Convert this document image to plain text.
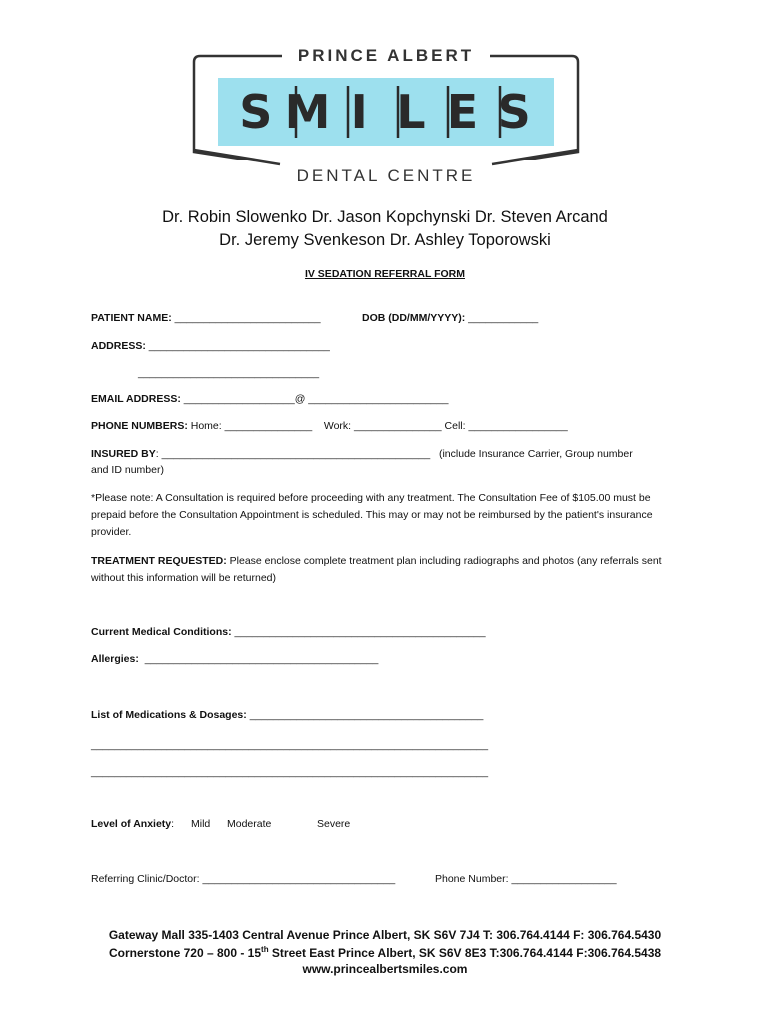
PRINCE ALBERT
S M I L E S
DENTAL CENTRE
Dr. Robin Slowenko Dr. Jason Kopchynski Dr. Steven Arcand
Dr. Jeremy Svenkeson Dr. Ashley Toporowski
IV SEDATION REFERRAL FORM
PATIENT NAME: _________________________	DOB (DD/MM/YYYY): ____________
ADDRESS: _______________________________
_______________________________
EMAIL ADDRESS: ___________________@ ________________________
PHONE NUMBERS: Home: _______________    Work: _______________ Cell: _________________
INSURED BY: ______________________________________________   (include Insurance Carrier, Group number
and ID number)
*Please note: A Consultation is required before proceeding with any treatment. The Consultation Fee of $105.00 must be prepaid before the Consultation Appointment is scheduled. This may or may not be reimbursed by the patient's insurance provider.
TREATMENT REQUESTED: Please enclose complete treatment plan including radiographs and photos (any referrals sent without this information will be returned)
Current Medical Conditions: ___________________________________________
Allergies:  ________________________________________
List of Medications & Dosages: ________________________________________
____________________________________________________________________
____________________________________________________________________
Level of Anxiety: Mild Moderate	Severe
Referring Clinic/Doctor: _________________________________	Phone Number: __________________
Gateway Mall 335-1403 Central Avenue Prince Albert, SK S6V 7J4 T: 306.764.4144 F: 306.764.5430
Cornerstone 720 – 800 - 15th Street East Prince Albert, SK S6V 8E3 T:306.764.4144 F:306.764.5438
www.princealbertsmiles.com
